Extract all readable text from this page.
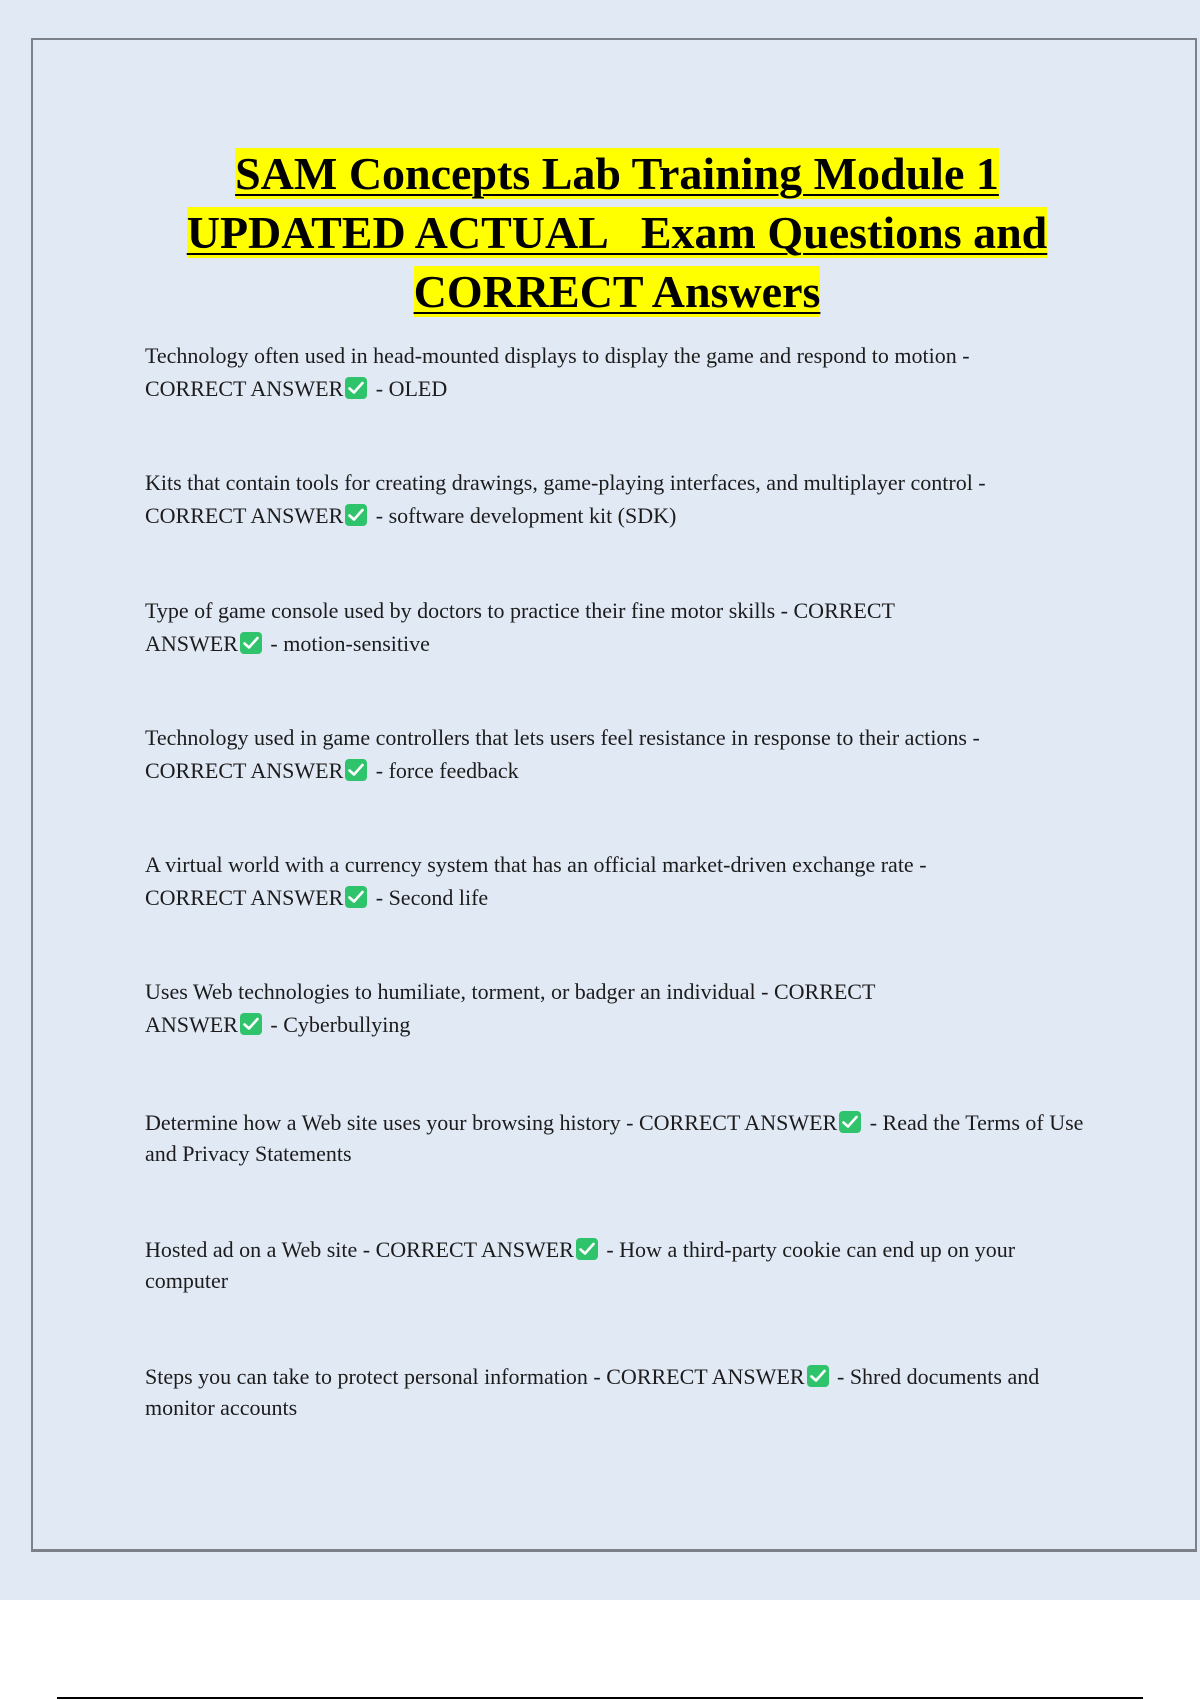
SAM Concepts Lab Training Module 1
UPDATED ACTUAL   Exam Questions and
CORRECT Answers

Technology often used in head-mounted displays to display the game and respond to motion -
CORRECT ANSWER - OLED

Kits that contain tools for creating drawings, game-playing interfaces, and multiplayer control -
CORRECT ANSWER - software development kit (SDK)

Type of game console used by doctors to practice their fine motor skills - CORRECT
ANSWER - motion-sensitive

Technology used in game controllers that lets users feel resistance in response to their actions -
CORRECT ANSWER - force feedback

A virtual world with a currency system that has an official market-driven exchange rate -
CORRECT ANSWER - Second life

Uses Web technologies to humiliate, torment, or badger an individual - CORRECT
ANSWER - Cyberbullying

Determine how a Web site uses your browsing history - CORRECT ANSWER - Read the Terms of Use and Privacy Statements

Hosted ad on a Web site - CORRECT ANSWER - How a third-party cookie can end up on your computer

Steps you can take to protect personal information - CORRECT ANSWER - Shred documents and monitor accounts
